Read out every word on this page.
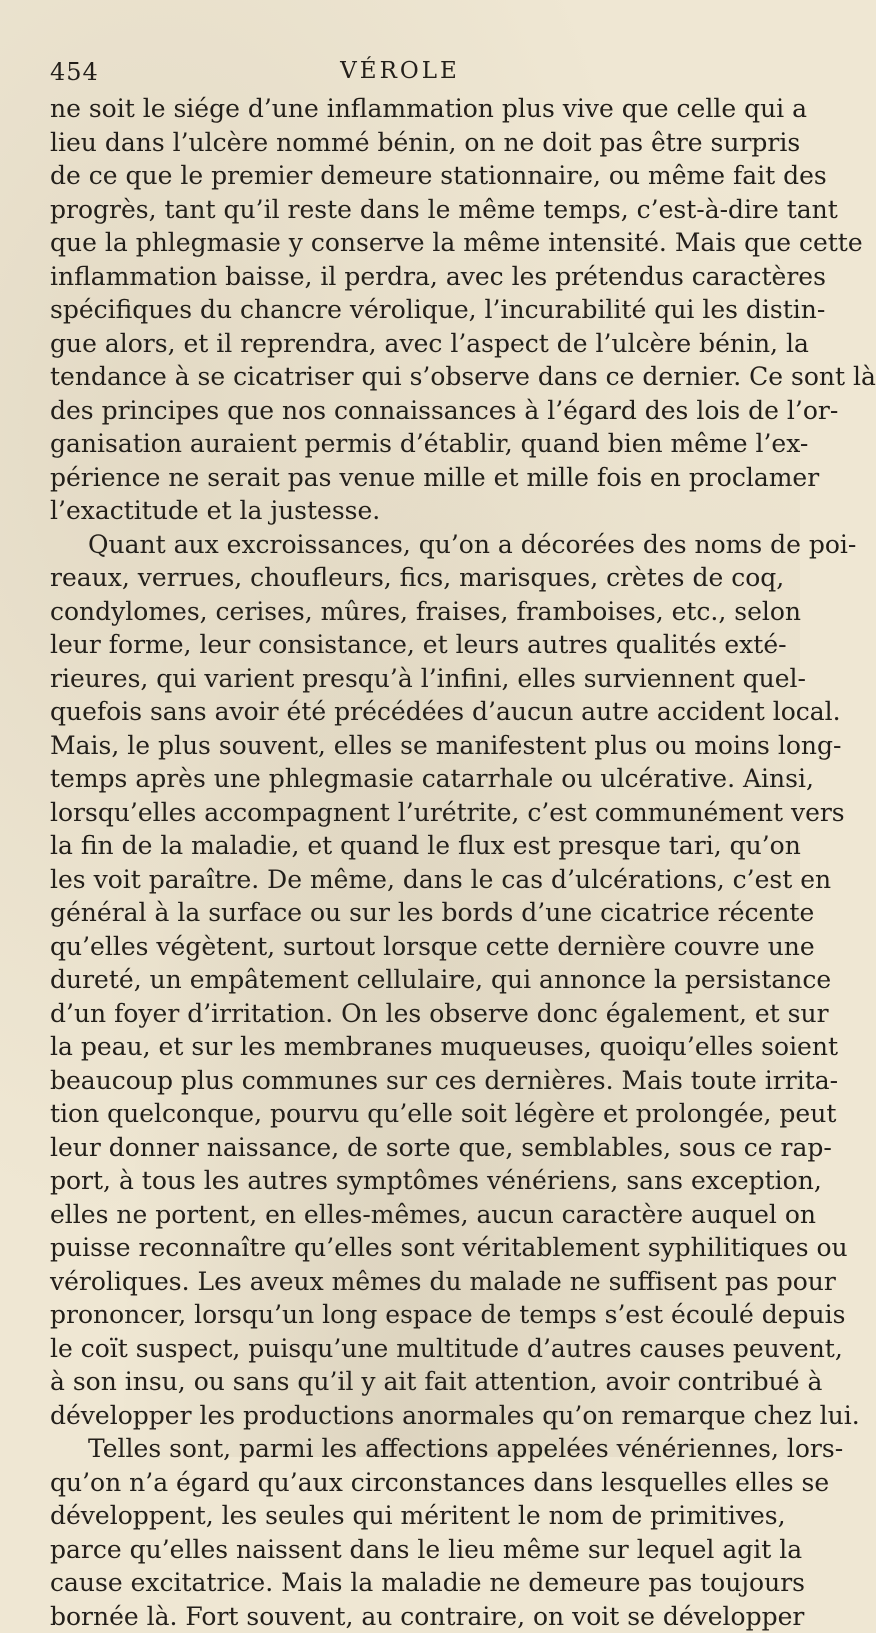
454	VÉROLE
ne soit le siége d’une inflammation plus vive que celle qui a
lieu dans l’ulcère nommé bénin, on ne doit pas être surpris
de ce que le premier demeure stationnaire, ou même fait des
progrès, tant qu’il reste dans le même temps, c’est-à-dire tant
que la phlegmasie y conserve la même intensité. Mais que cette
inflammation baisse, il perdra, avec les prétendus caractères
spécifiques du chancre vérolique, l’incurabilité qui les distin-
gue alors, et il reprendra, avec l’aspect de l’ulcère bénin, la
tendance à se cicatriser qui s’observe dans ce dernier. Ce sont là
des principes que nos connaissances à l’égard des lois de l’or-
ganisation auraient permis d’établir, quand bien même l’ex-
périence ne serait pas venue mille et mille fois en proclamer
l’exactitude et la justesse.
Quant aux excroissances, qu’on a décorées des noms de poi-
reaux, verrues, choufleurs, fics, marisques, crètes de coq,
condylomes, cerises, mûres, fraises, framboises, etc., selon
leur forme, leur consistance, et leurs autres qualités exté-
rieures, qui varient presqu’à l’infini, elles surviennent quel-
quefois sans avoir été précédées d’aucun autre accident local.
Mais, le plus souvent, elles se manifestent plus ou moins long-
temps après une phlegmasie catarrhale ou ulcérative. Ainsi,
lorsqu’elles accompagnent l’urétrite, c’est communément vers
la fin de la maladie, et quand le flux est presque tari, qu’on
les voit paraître. De même, dans le cas d’ulcérations, c’est en
général à la surface ou sur les bords d’une cicatrice récente
qu’elles végètent, surtout lorsque cette dernière couvre une
dureté, un empâtement cellulaire, qui annonce la persistance
d’un foyer d’irritation. On les observe donc également, et sur
la peau, et sur les membranes muqueuses, quoiqu’elles soient
beaucoup plus communes sur ces dernières. Mais toute irrita-
tion quelconque, pourvu qu’elle soit légère et prolongée, peut
leur donner naissance, de sorte que, semblables, sous ce rap-
port, à tous les autres symptômes vénériens, sans exception,
elles ne portent, en elles-mêmes, aucun caractère auquel on
puisse reconnaître qu’elles sont véritablement syphilitiques ou
véroliques. Les aveux mêmes du malade ne suffisent pas pour
prononcer, lorsqu’un long espace de temps s’est écoulé depuis
le coït suspect, puisqu’une multitude d’autres causes peuvent,
à son insu, ou sans qu’il y ait fait attention, avoir contribué à
développer les productions anormales qu’on remarque chez lui.
Telles sont, parmi les affections appelées vénériennes, lors-
qu’on n’a égard qu’aux circonstances dans lesquelles elles se
développent, les seules qui méritent le nom de primitives,
parce qu’elles naissent dans le lieu même sur lequel agit la
cause excitatrice. Mais la maladie ne demeure pas toujours
bornée là. Fort souvent, au contraire, on voit se développer
